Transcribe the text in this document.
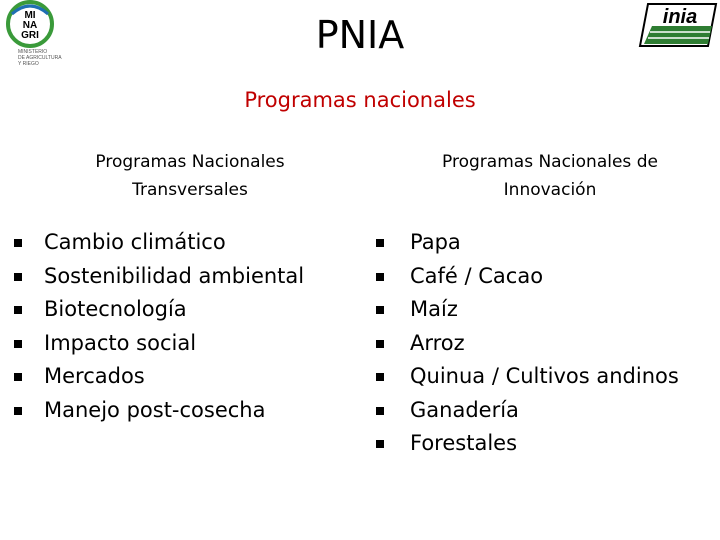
MI
NA
GRI
MINISTERIO
DE AGRICULTURA
Y RIEGO
inia
PNIA
Programas nacionales
Programas Nacionales
Transversales
Programas Nacionales de
Innovación
Cambio climático
Sostenibilidad ambiental
Biotecnología
Impacto social
Mercados
Manejo post-cosecha
Papa
Café / Cacao
Maíz
Arroz
Quinua / Cultivos andinos
Ganadería
Forestales
